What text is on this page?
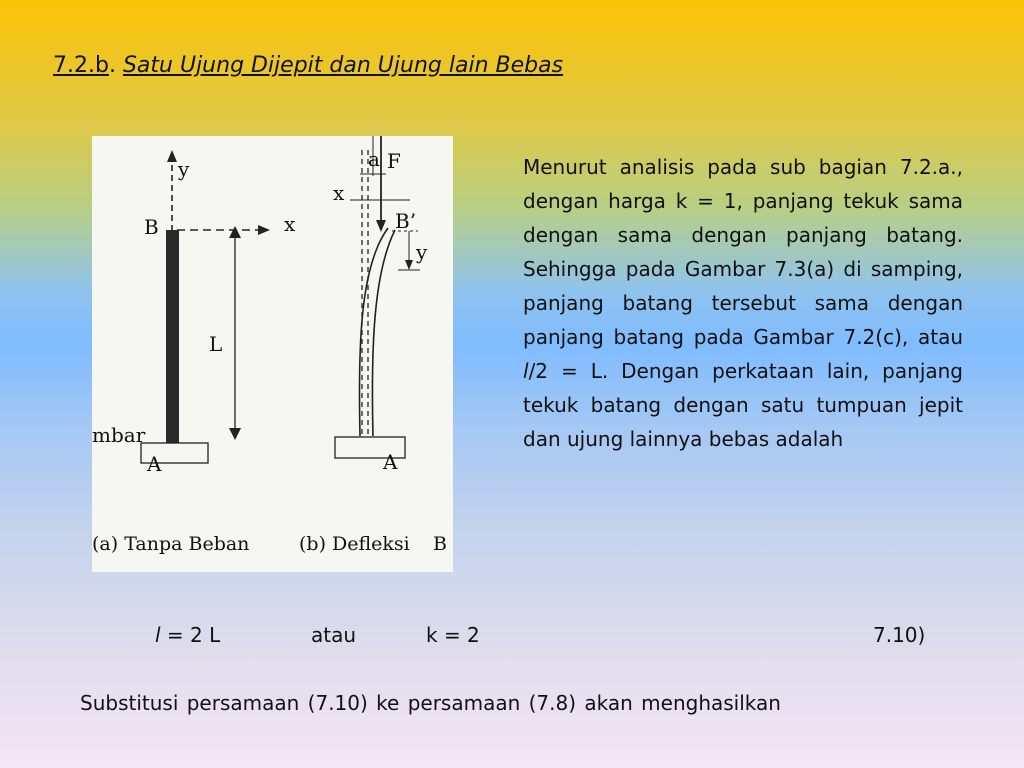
7.2.b. Satu Ujung Dijepit dan Ujung lain Bebas
y
x
B
L
mbar
A
(a) Tanpa Beban
a F
x
B’
y
A
(b) Defleksi B

Menurut analisis pada sub bagian 7.2.a., dengan harga k = 1, panjang tekuk sama dengan sama dengan panjang batang. Sehingga pada Gambar 7.3(a) di samping, panjang batang tersebut sama dengan panjang batang pada Gambar 7.2(c), atau l/2 = L. Dengan perkataan lain, panjang tekuk batang dengan satu tumpuan jepit dan ujung lainnya bebas adalah

l = 2 L	atau	k = 2	7.10)

Substitusi persamaan (7.10) ke persamaan (7.8) akan menghasilkan
